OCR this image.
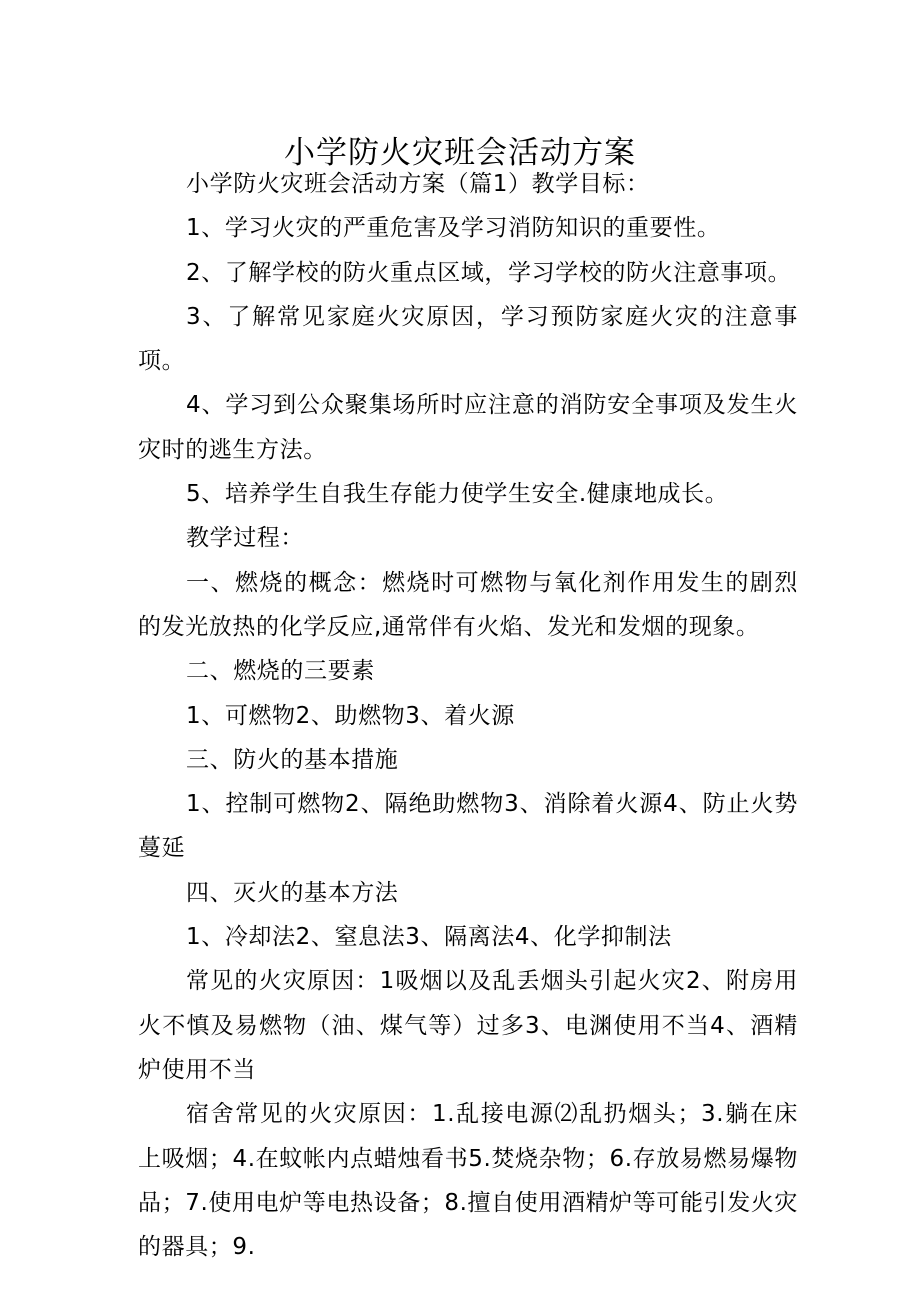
小学防火灾班会活动方案

小学防火灾班会活动方案（篇1）教学目标：

1、学习火灾的严重危害及学习消防知识的重要性。

2、了解学校的防火重点区域，学习学校的防火注意事项。

3、了解常见家庭火灾原因，学习预防家庭火灾的注意事项。

4、学习到公众聚集场所时应注意的消防安全事项及发生火灾时的逃生方法。

5、培养学生自我生存能力使学生安全.健康地成长。

教学过程：

一、燃烧的概念：燃烧时可燃物与氧化剂作用发生的剧烈的发光放热的化学反应,通常伴有火焰、发光和发烟的现象。

二、燃烧的三要素

1、可燃物2、助燃物3、着火源

三、防火的基本措施

1、控制可燃物2、隔绝助燃物3、消除着火源4、防止火势蔓延

四、灭火的基本方法

1、冷却法2、窒息法3、隔离法4、化学抑制法

常见的火灾原因：1吸烟以及乱丢烟头引起火灾2、附房用火不慎及易燃物（油、煤气等）过多3、电渊使用不当4、酒精炉使用不当

宿舍常见的火灾原因：1.乱接电源⑵乱扔烟头；3.躺在床上吸烟；4.在蚊帐内点蜡烛看书5.焚烧杂物；6.存放易燃易爆物品；7.使用电炉等电热设备；8.擅自使用酒精炉等可能引发火灾的器具；9.
